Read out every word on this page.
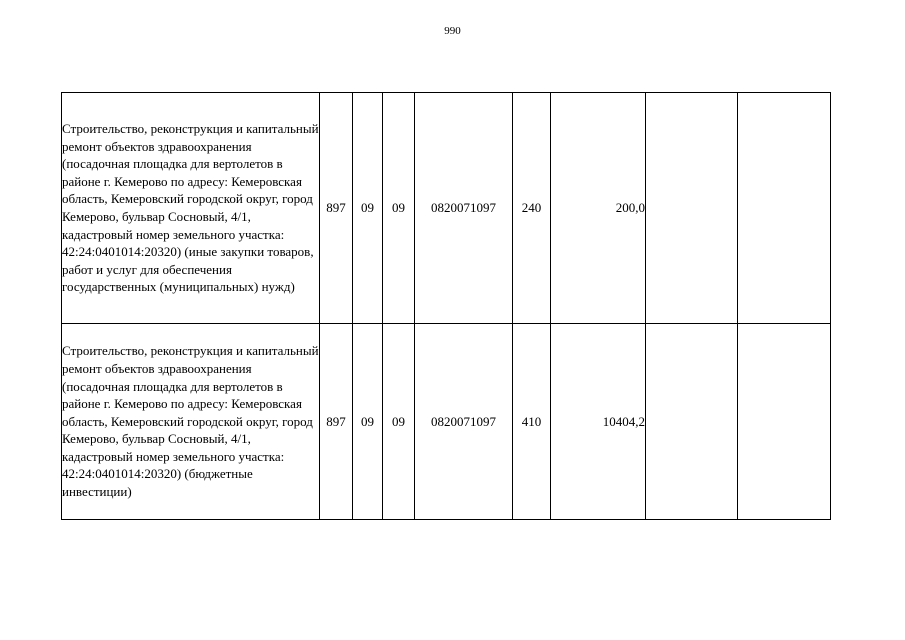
990
Строительство, реконструкция и капитальный ремонт объектов здравоохранения (посадочная площадка для вертолетов в районе г. Кемерово по адресу: Кемеровская область, Кемеровский городской округ, город Кемерово, бульвар Сосновый, 4/1, кадастровый номер земельного участка: 42:24:0401014:20320) (иные закупки товаров, работ и услуг для обеспечения государственных (муниципальных) нужд)	897	09	09	0820071097	240	200,0		
Строительство, реконструкция и капитальный ремонт объектов здравоохранения (посадочная площадка для вертолетов в районе г. Кемерово по адресу: Кемеровская область, Кемеровский городской округ, город Кемерово, бульвар Сосновый, 4/1, кадастровый номер земельного участка: 42:24:0401014:20320) (бюджетные инвестиции)	897	09	09	0820071097	410	10404,2		
